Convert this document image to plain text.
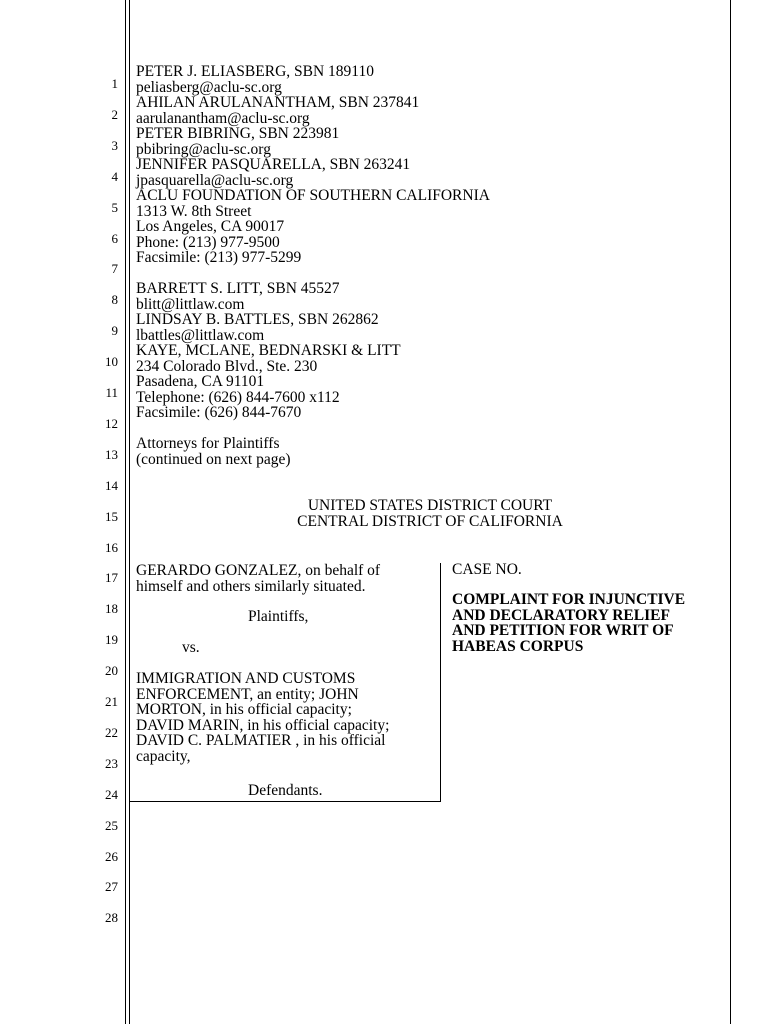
1
2
3
4
5
6
7
8
9
10
11
12
13
14
15
16
17
18
19
20
21
22
23
24
25
26
27
28
PETER J. ELIASBERG, SBN 189110
peliasberg@aclu-sc.org
AHILAN ARULANANTHAM, SBN 237841
aarulanantham@aclu-sc.org
PETER BIBRING, SBN 223981
pbibring@aclu-sc.org
JENNIFER PASQUARELLA, SBN 263241
jpasquarella@aclu-sc.org
ACLU FOUNDATION OF SOUTHERN CALIFORNIA
1313 W. 8th Street
Los Angeles, CA 90017
Phone: (213) 977-9500
Facsimile: (213) 977-5299
BARRETT S. LITT, SBN 45527
blitt@littlaw.com
LINDSAY B. BATTLES, SBN 262862
lbattles@littlaw.com
KAYE, MCLANE, BEDNARSKI & LITT
234 Colorado Blvd., Ste. 230
Pasadena, CA 91101
Telephone: (626) 844-7600 x112
Facsimile: (626) 844-7670
Attorneys for Plaintiffs
(continued on next page)
UNITED STATES DISTRICT COURT
CENTRAL DISTRICT OF CALIFORNIA
GERARDO GONZALEZ, on behalf of
himself and others similarly situated.
Plaintiffs,
vs.
IMMIGRATION AND CUSTOMS
ENFORCEMENT, an entity; JOHN
MORTON, in his official capacity;
DAVID MARIN, in his official capacity;
DAVID C. PALMATIER , in his official
capacity,
Defendants.
CASE NO.
COMPLAINT FOR INJUNCTIVE
AND DECLARATORY RELIEF
AND PETITION FOR WRIT OF
HABEAS CORPUS
